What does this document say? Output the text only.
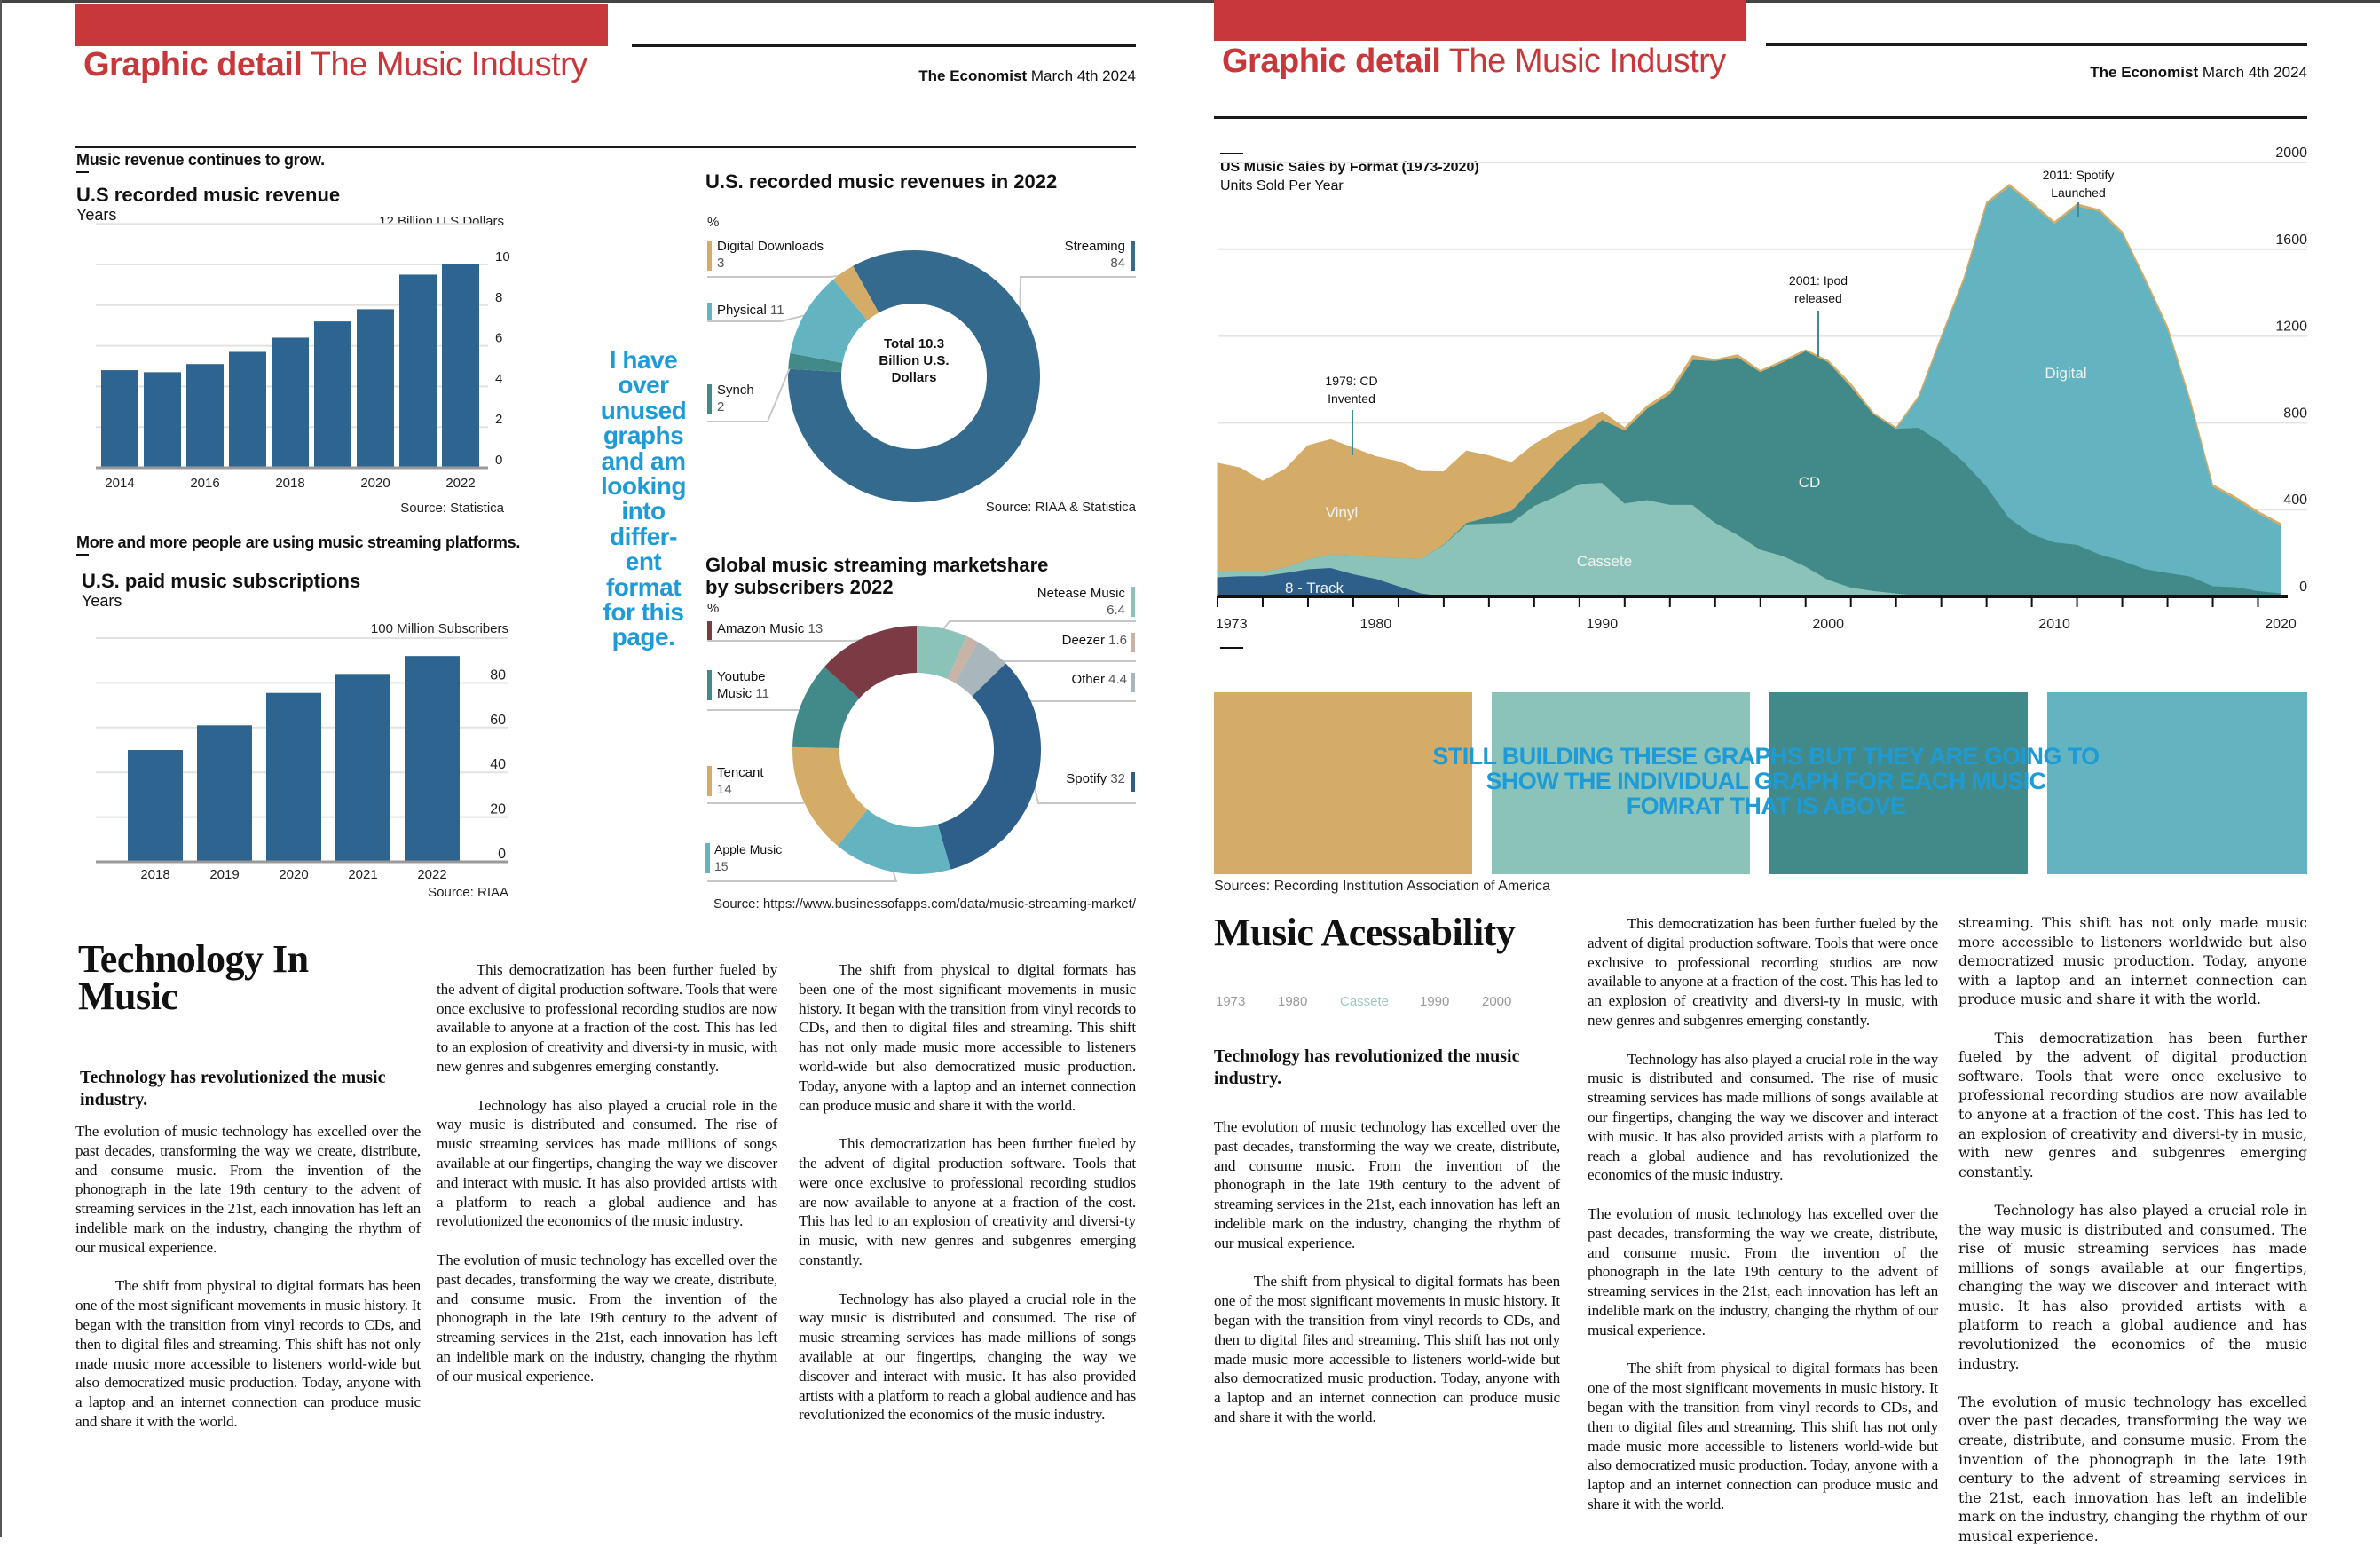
Graphic detail The Music Industry	The Economist March 4th 2024
Music revenue continues to grow.
U.S recorded music revenue
Years	12 Billion U.S Dollars
Source: Statistica
More and more people are using music streaming platforms.
U.S. paid music subscriptions
Years
100 Million Subscribers
Source: RIAA
I have
over
unused
graphs
and am
looking
into
differ-
ent
format
for this
page.
U.S. recorded music revenues in 2022
%
Total 10.3
Billion U.S.
Dollars
Source: RIAA & Statistica
Digital Downloads
3
Physical 11
Synch
2
Streaming
84
Global music streaming marketshare
by subscribers 2022
%
Source: https://www.businessofapps.com/data/music-streaming-market/
Amazon Music 13
Youtube Music 11
Tencant
14
Apple Music
15
Netease Music 6.4
Deezer 1.6
Other 4.4
Spotify 32
Technology In
Music
Technology has revolutionized the music industry.

The evolution of music technology has excelled over the past decades, transforming the way we create, distribute, and consume music. From the invention of the phonograph in the late 19th century to the advent of streaming services in the 21st, each innovation has left an indelible mark on the industry, changing the rhythm of our musical experience.

The shift from physical to digital formats has been one of the most significant movements in music history. It began with the transition from vinyl records to CDs, and then to digital files and streaming. This shift has not only made music more accessible to listeners world-wide but also democratized music production. Today, anyone with a laptop and an internet connection can produce music and share it with the world.

This democratization has been further fueled by the advent of digital production software. Tools that were once exclusive to professional recording studios are now available to anyone at a fraction of the cost. This has led to an explosion of creativity and diversi-ty in music, with new genres and subgenres emerging constantly.

Technology has also played a crucial role in the way music is distributed and consumed. The rise of music streaming services has made millions of songs available at our fingertips, changing the way we discover and interact with music. It has also provided artists with a platform to reach a global audience and has revolutionized the economics of the music industry.

The evolution of music technology has excelled over the past decades, transforming the way we create, distribute, and consume music. From the invention of the phonograph in the late 19th century to the advent of streaming services in the 21st, each innovation has left an indelible mark on the industry, changing the rhythm of our musical experience.

The shift from physical to digital formats has been one of the most significant movements in music history. It began with the transition from vinyl records to CDs, and then to digital files and streaming. This shift has not only made music more accessible to listeners world-wide but also democratized music production. Today, anyone with a laptop and an internet connection can produce music and share it with the world.

This democratization has been further fueled by the advent of digital production software. Tools that were once exclusive to professional recording studios are now available to anyone at a fraction of the cost. This has led to an explosion of creativity and diversi-ty in music, with new genres and subgenres emerging constantly.

Technology has also played a crucial role in the way music is distributed and consumed. The rise of music streaming services has made millions of songs available at our fingertips, changing the way we discover and interact with music. It has also provided artists with a platform to reach a global audience and has revolutionized the economics of the music industry.

Graphic detail The Music Industry	The Economist March 4th 2024
US Music Sales by Format (1973-2020)
Units Sold Per Year
1979: CD
Invented
2001: Ipod
released
2011: Spotify
Launched
STILL BUILDING THESE GRAPHS BUT THEY ARE GOING TO
SHOW THE INDIVIDUAL GRAPH FOR EACH MUSIC
FOMRAT THAT IS ABOVE
Sources: Recording Institution Association of America
Music Acessability
Technology has revolutionized the music industry.

The evolution of music technology has excelled over the past decades, transforming the way we create, distribute, and consume music. From the invention of the phonograph in the late 19th century to the advent of streaming services in the 21st, each innovation has left an indelible mark on the industry, changing the rhythm of our musical experience.

The shift from physical to digital formats has been one of the most significant movements in music history. It began with the transition from vinyl records to CDs, and then to digital files and streaming. This shift has not only made music more accessible to listeners world-wide but also democratized music production. Today, anyone with a laptop and an internet connection can produce music and share it with the world.

1973 1980 Cassete 1990 2000

This democratization has been further fueled by the advent of digital production software. Tools that were once exclusive to professional recording studios are now available to anyone at a fraction of the cost. This has led to an explosion of creativity and diversi-ty in music, with new genres and subgenres emerging constantly.

Technology has also played a crucial role in the way music is distributed and consumed. The rise of music streaming services has made millions of songs available at our fingertips, changing the way we discover and interact with music. It has also provided artists with a platform to reach a global audience and has revolutionized the economics of the music industry.

The evolution of music technology has excelled over the past decades, transforming the way we create, distribute, and consume music. From the invention of the phonograph in the late 19th century to the advent of streaming services in the 21st, each innovation has left an indelible mark on the industry, changing the rhythm of our musical experience.

The shift from physical to digital formats has been one of the most significant movements in music history. It began with the transition from vinyl records to CDs, and then to digital files and streaming. This shift has not only made music more accessible to listeners world-wide but also democratized music production. Today, anyone with a laptop and an internet connection can produce music and share it with the world.

streaming. This shift has not only made music more accessible to listeners worldwide but also democratized music production. Today, anyone with a laptop and an internet connection can produce music and share it with the world.

This democratization has been further fueled by the advent of digital production software. Tools that were once exclusive to professional recording studios are now available to anyone at a fraction of the cost. This has led to an explosion of creativity and diversi-ty in music, with new genres and subgenres emerging constantly.

Technology has also played a crucial role in the way music is distributed and consumed. The rise of music streaming services has made millions of songs available at our fingertips, changing the way we discover and interact with music. It has also provided artists with a platform to reach a global audience and has revolutionized the economics of the music industry.

The evolution of music technology has excelled over the past decades, transforming the way we create, distribute, and consume music. From the invention of the phonograph in the late 19th century to the advent of streaming services in the 21st, each innovation has left an indelible mark on the industry, changing the rhythm of our musical experience.

0
2
4
6
8
10
2014	2016	2018	2020	2022
0
20
40
60
80
2018	2019	2020	2021	2022
0
400
800
1200
1600
2000
Vinyl
Cassete
CD
Digital
8 - Track
1973	1980	1990	2000	2010	2020
